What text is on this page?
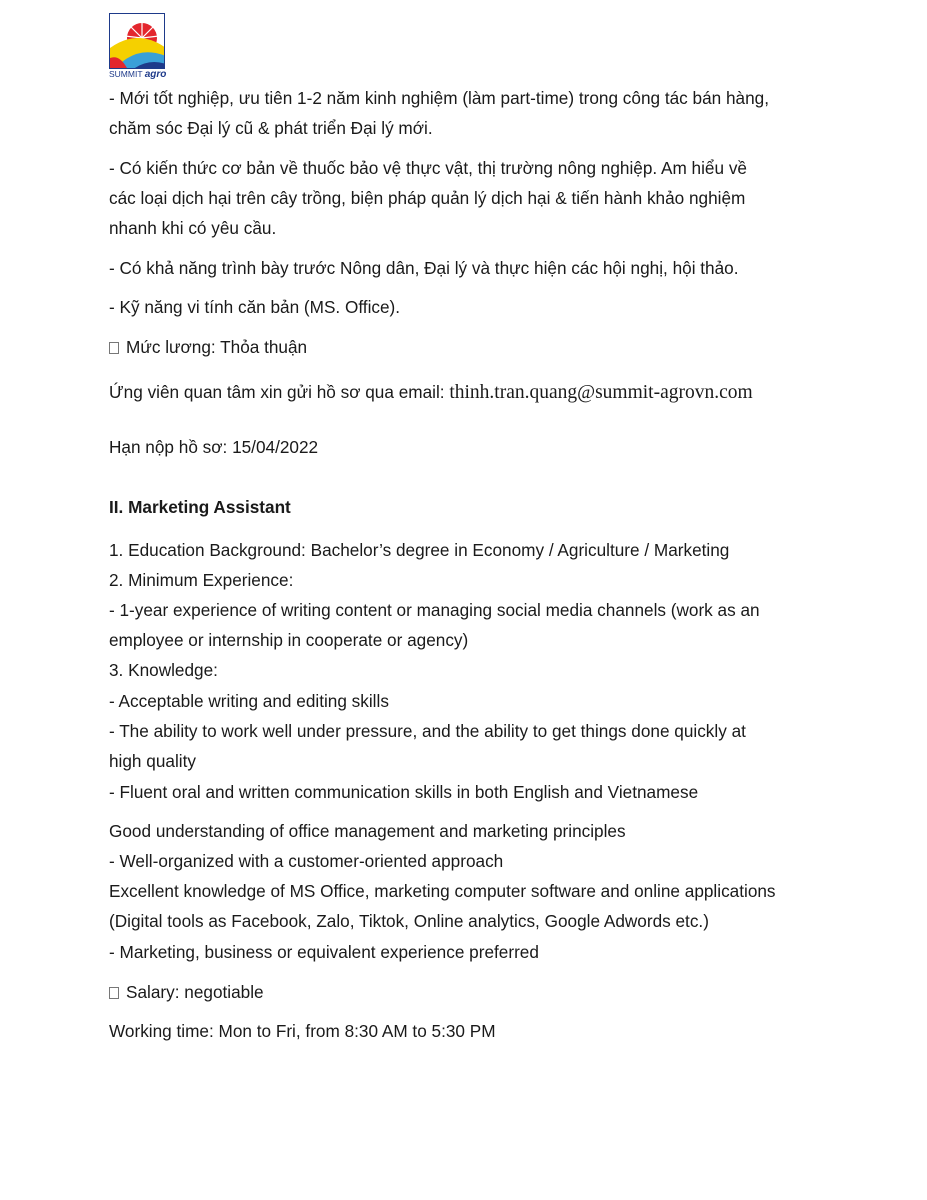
SUMMIT agro
- Mới tốt nghiệp, ưu tiên 1-2 năm kinh nghiệm (làm part-time) trong công tác bán hàng,
chăm sóc Đại lý cũ & phát triển Đại lý mới.
- Có kiến thức cơ bản về thuốc bảo vệ thực vật, thị trường nông nghiệp. Am hiểu về
các loại dịch hại trên cây trồng, biện pháp quản lý dịch hại & tiến hành khảo nghiệm
nhanh khi có yêu cầu.
- Có khả năng trình bày trước Nông dân, Đại lý và thực hiện các hội nghị, hội thảo.
- Kỹ năng vi tính căn bản (MS. Office).
Mức lương: Thỏa thuận
Ứng viên quan tâm xin gửi hồ sơ qua email: thinh.tran.quang@summit-agrovn.com
Hạn nộp hồ sơ: 15/04/2022
II. Marketing Assistant
1. Education Background: Bachelor’s degree in Economy / Agriculture / Marketing
2. Minimum Experience:
- 1-year experience of writing content or managing social media channels (work as an
employee or internship in cooperate or agency)
3. Knowledge:
- Acceptable writing and editing skills
- The ability to work well under pressure, and the ability to get things done quickly at
high quality
- Fluent oral and written communication skills in both English and Vietnamese
Good understanding of office management and marketing principles
- Well-organized with a customer-oriented approach
Excellent knowledge of MS Office, marketing computer software and online applications
(Digital tools as Facebook, Zalo, Tiktok, Online analytics, Google Adwords etc.)
- Marketing, business or equivalent experience preferred
Salary: negotiable
Working time: Mon to Fri, from 8:30 AM to 5:30 PM
